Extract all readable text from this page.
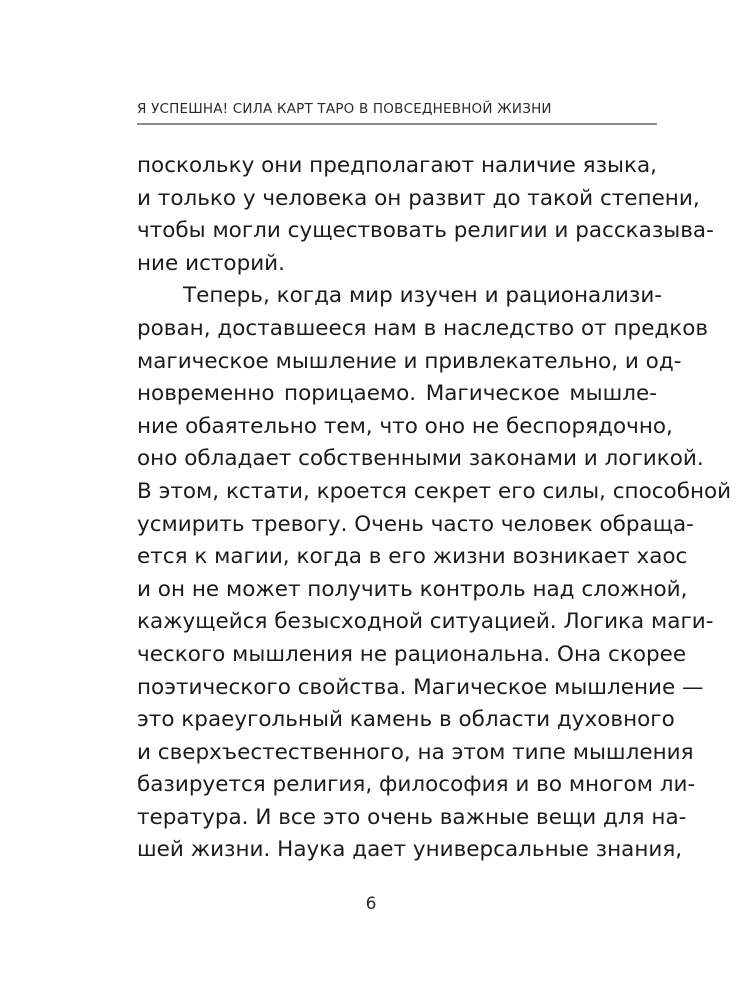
Я УСПЕШНА! СИЛА КАРТ ТАРО В ПОВСЕДНЕВНОЙ ЖИЗНИ
поскольку они предполагают наличие языка,
и только у человека он развит до такой степени,
чтобы могли существовать религии и рассказыва-
ние историй.
Теперь, когда мир изучен и рационализи-
рован, доставшееся нам в наследство от предков
магическое мышление и привлекательно, и од-
новременно порицаемо. Магическое мышле-
ние обаятельно тем, что оно не беспорядочно,
оно обладает собственными законами и логикой.
В этом, кстати, кроется секрет его силы, способной
усмирить тревогу. Очень часто человек обраща-
ется к магии, когда в его жизни возникает хаос
и он не может получить контроль над сложной,
кажущейся безысходной ситуацией. Логика маги-
ческого мышления не рациональна. Она скорее
поэтического свойства. Магическое мышление —
это краеугольный камень в области духовного
и сверхъестественного, на этом типе мышления
базируется религия, философия и во многом ли-
тература. И все это очень важные вещи для на-
шей жизни. Наука дает универсальные знания,
6
